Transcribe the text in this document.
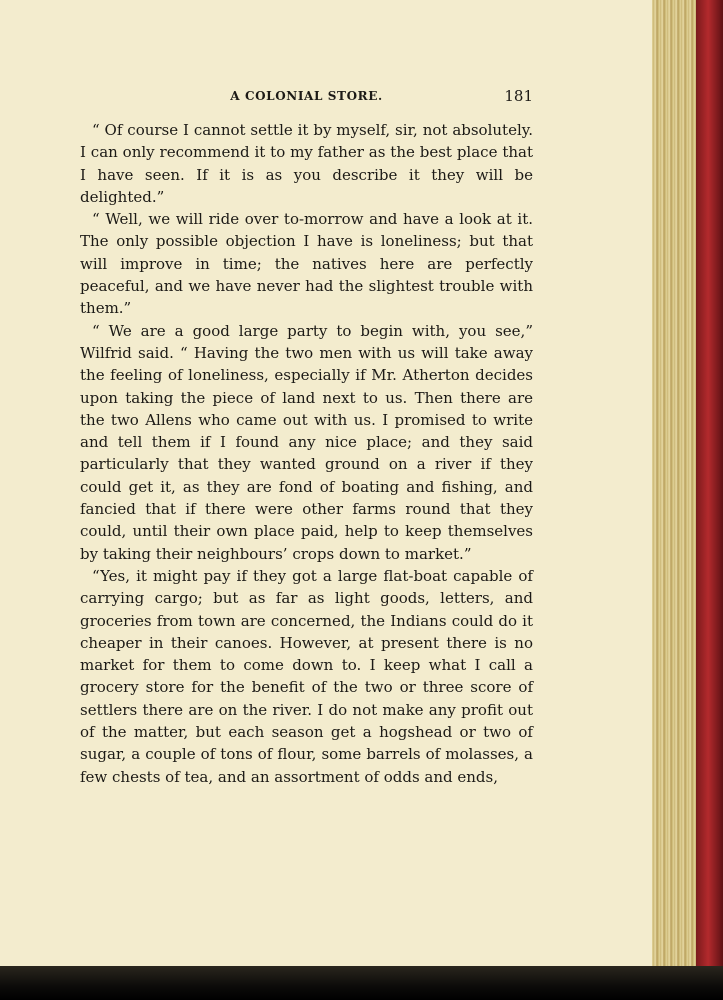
A COLONIAL STORE.	181

“ Of course I cannot settle it by myself, sir, not absolutely. I can only recommend it to my father as the best place that I have seen. If it is as you describe it they will be delighted.”

“ Well, we will ride over to-morrow and have a look at it. The only possible objection I have is loneliness; but that will improve in time; the natives here are perfectly peaceful, and we have never had the slightest trouble with them.”

“ We are a good large party to begin with, you see,” Wilfrid said. “ Having the two men with us will take away the feeling of loneliness, especially if Mr. Atherton decides upon taking the piece of land next to us. Then there are the two Allens who came out with us. I promised to write and tell them if I found any nice place; and they said particularly that they wanted ground on a river if they could get it, as they are fond of boating and fishing, and fancied that if there were other farms round that they could, until their own place paid, help to keep themselves by taking their neighbours’ crops down to market.”

“Yes, it might pay if they got a large flat-boat capable of carrying cargo; but as far as light goods, letters, and groceries from town are concerned, the Indians could do it cheaper in their canoes. However, at present there is no market for them to come down to. I keep what I call a grocery store for the benefit of the two or three score of settlers there are on the river. I do not make any profit out of the matter, but each season get a hogshead or two of sugar, a couple of tons of flour, some barrels of molasses, a few chests of tea, and an assortment of odds and ends,
